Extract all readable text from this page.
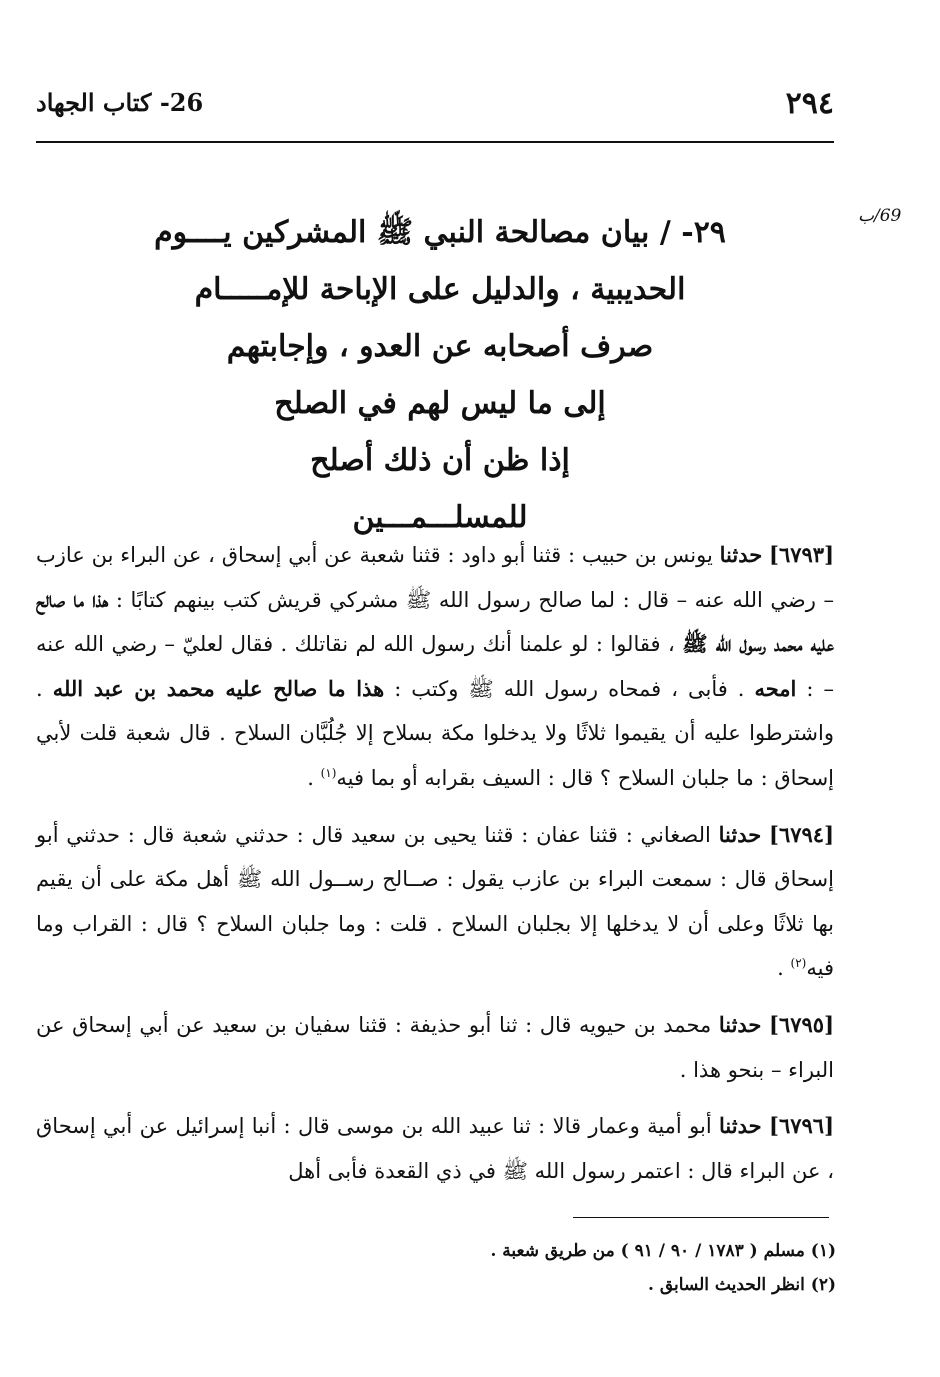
٢٩٤
26- كتاب الجهاد
69/ب
٢٩- / بيان مصالحة النبي ﷺ المشركين يــــوم
الحديبية ، والدليل على الإباحة للإمـــــام
صرف أصحابه عن العدو ، وإجابتهم
إلى ما ليس لهم في الصلح
إذا ظن أن ذلك أصلح
للمسلـــمـــين

[٦٧٩٣] حدثنا يونس بن حبيب : قثنا أبو داود : قثنا شعبة عن أبي إسحاق ، عن البراء بن عازب – رضي الله عنه – قال : لما صالح رسول الله ﷺ مشركي قريش كتب بينهم كتابًا : هذا ما صالح عليه محمد رسول الله ﷺ ، فقالوا : لو علمنا أنك رسول الله لم نقاتلك . فقال لعليّ – رضي الله عنه – : امحه . فأبى ، فمحاه رسول الله ﷺ وكتب : هذا ما صالح عليه محمد بن عبد الله . واشترطوا عليه أن يقيموا ثلاثًا ولا يدخلوا مكة بسلاح إلا جُلُبَّان السلاح . قال شعبة قلت لأبي إسحاق : ما جلبان السلاح ؟ قال : السيف بقرابه أو بما فيه$^{(١)}$ .

[٦٧٩٤] حدثنا الصغاني : قثنا عفان : قثنا يحيى بن سعيد قال : حدثني شعبة قال : حدثني أبو إسحاق قال : سمعت البراء بن عازب يقول : صــالح رســول الله ﷺ أهل مكة على أن يقيم بها ثلاثًا وعلى أن لا يدخلها إلا بجلبان السلاح . قلت : وما جلبان السلاح ؟ قال : القراب وما فيه$^{(٢)}$ .

[٦٧٩٥] حدثنا محمد بن حيويه قال : ثنا أبو حذيفة : قثنا سفيان بن سعيد عن أبي إسحاق عن البراء – بنحو هذا .

[٦٧٩٦] حدثنا أبو أمية وعمار قالا : ثنا عبيد الله بن موسى قال : أنبا إسرائيل عن أبي إسحاق ، عن البراء قال : اعتمر رسول الله ﷺ في ذي القعدة فأبى أهل

(١) مسلم ( ١٧٨٣ / ٩٠ / ٩١ ) من طريق شعبة .

(٢) انظر الحديث السابق .
